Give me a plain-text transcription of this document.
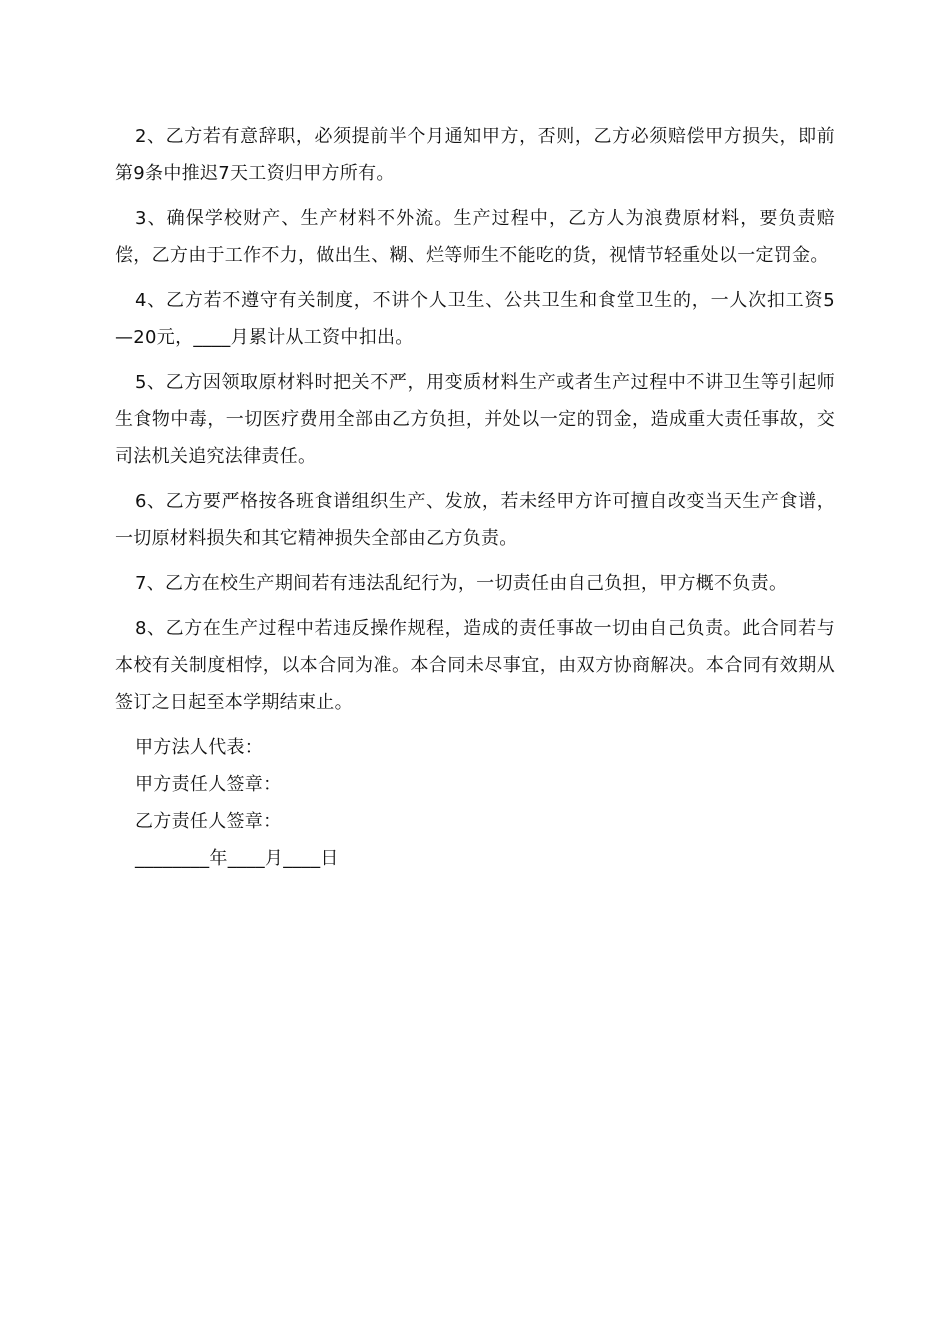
2、乙方若有意辞职，必须提前半个月通知甲方，否则，乙方必须赔偿甲方损失，即前第9条中推迟7天工资归甲方所有。

3、确保学校财产、生产材料不外流。生产过程中，乙方人为浪费原材料，要负责赔偿，乙方由于工作不力，做出生、糊、烂等师生不能吃的货，视情节轻重处以一定罚金。

4、乙方若不遵守有关制度，不讲个人卫生、公共卫生和食堂卫生的，一人次扣工资5—20元，____月累计从工资中扣出。

5、乙方因领取原材料时把关不严，用变质材料生产或者生产过程中不讲卫生等引起师生食物中毒，一切医疗费用全部由乙方负担，并处以一定的罚金，造成重大责任事故，交司法机关追究法律责任。

6、乙方要严格按各班食谱组织生产、发放，若未经甲方许可擅自改变当天生产食谱，一切原材料损失和其它精神损失全部由乙方负责。

7、乙方在校生产期间若有违法乱纪行为，一切责任由自己负担，甲方概不负责。

8、乙方在生产过程中若违反操作规程，造成的责任事故一切由自己负责。此合同若与本校有关制度相悖，以本合同为准。本合同未尽事宜，由双方协商解决。本合同有效期从签订之日起至本学期结束止。

甲方法人代表：

甲方责任人签章：

乙方责任人签章：

________年____月____日
